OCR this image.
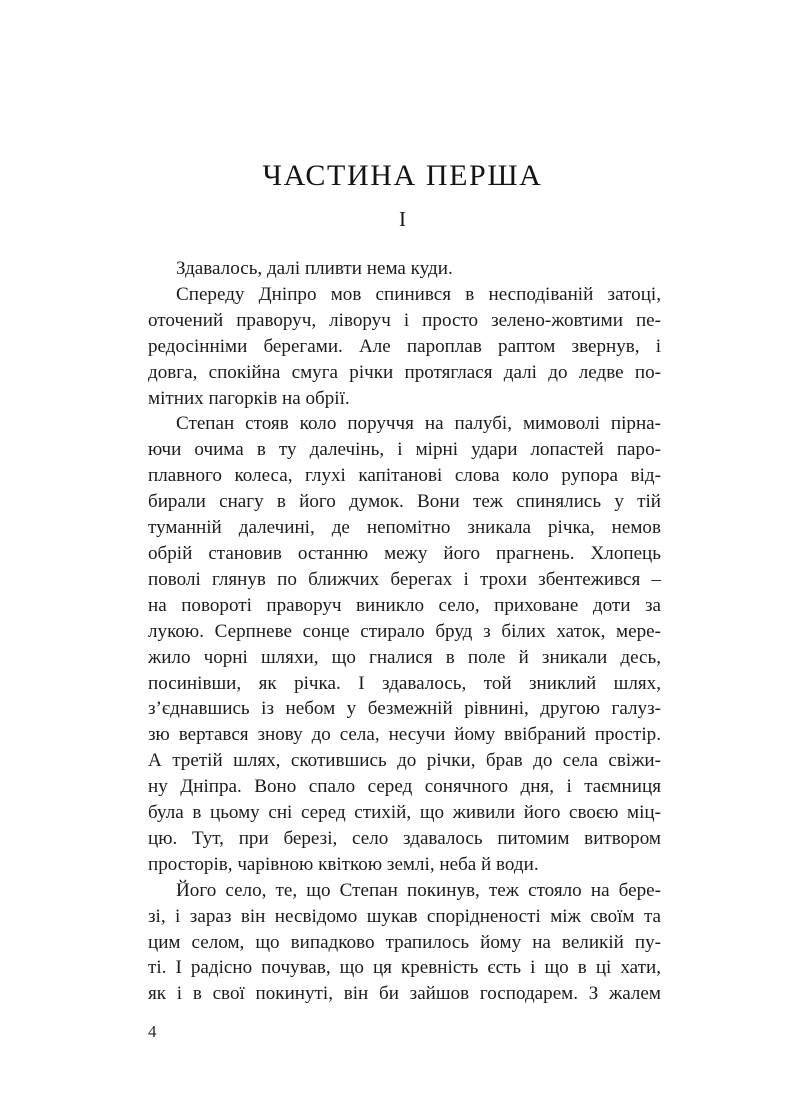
ЧАСТИНА ПЕРША
I

Здавалось, далі пливти нема куди.

Спереду Дніпро мов спинився в несподіваній затоці,
оточений праворуч, ліворуч і просто зелено-жовтими пе-
редосінніми берегами. Але пароплав раптом звернув, і
довга, спокійна смуга річки протяглася далі до ледве по-
мітних пагорків на обрії.

Степан стояв коло поруччя на палубі, мимоволі пірна-
ючи очима в ту далечінь, і мірні удари лопастей паро-
плавного колеса, глухі капітанові слова коло рупора від-
бирали снагу в його думок. Вони теж спинялись у тій
туманній далечині, де непомітно зникала річка, немов
обрій становив останню межу його прагнень. Хлопець
поволі глянув по ближчих берегах і трохи збентежився –
на повороті праворуч виникло село, приховане доти за
лукою. Серпневе сонце стирало бруд з білих хаток, мере-
жило чорні шляхи, що гналися в поле й зникали десь,
посинівши, як річка. І здавалось, той зниклий шлях,
з’єднавшись із небом у безмежній рівнині, другою галуз-
зю вертався знову до села, несучи йому ввібраний простір.
А третій шлях, скотившись до річки, брав до села свіжи-
ну Дніпра. Воно спало серед сонячного дня, і таємниця
була в цьому сні серед стихій, що живили його своєю міц-
цю. Тут, при березі, село здавалось питомим витвором
просторів, чарівною квіткою землі, неба й води.

Його село, те, що Степан покинув, теж стояло на бере-
зі, і зараз він несвідомо шукав спорідненості між своїм та
цим селом, що випадково трапилось йому на великій пу-
ті. І радісно почував, що ця кревність єсть і що в ці хати,
як і в свої покинуті, він би зайшов господарем. З жалем

4
